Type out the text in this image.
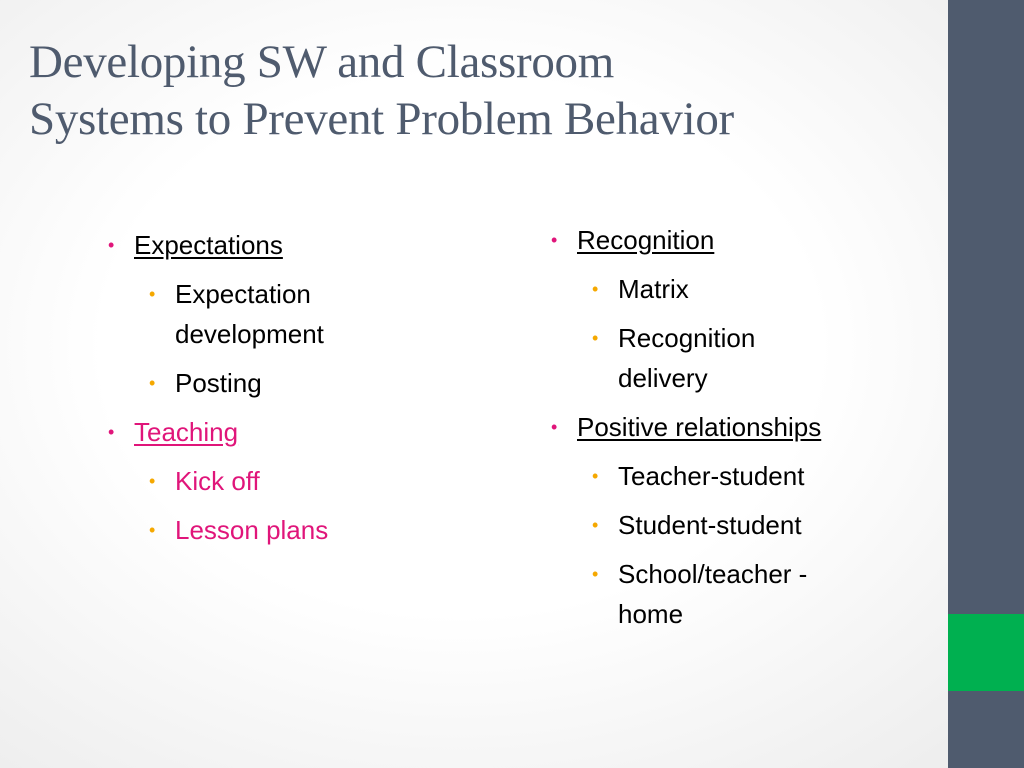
Developing SW and Classroom
Systems to Prevent Problem Behavior
• Expectations
• Expectation
development
• Posting
• Teaching
• Kick off
• Lesson plans
• Recognition
• Matrix
• Recognition
delivery
• Positive relationships
• Teacher-student
• Student-student
• School/teacher -
home
